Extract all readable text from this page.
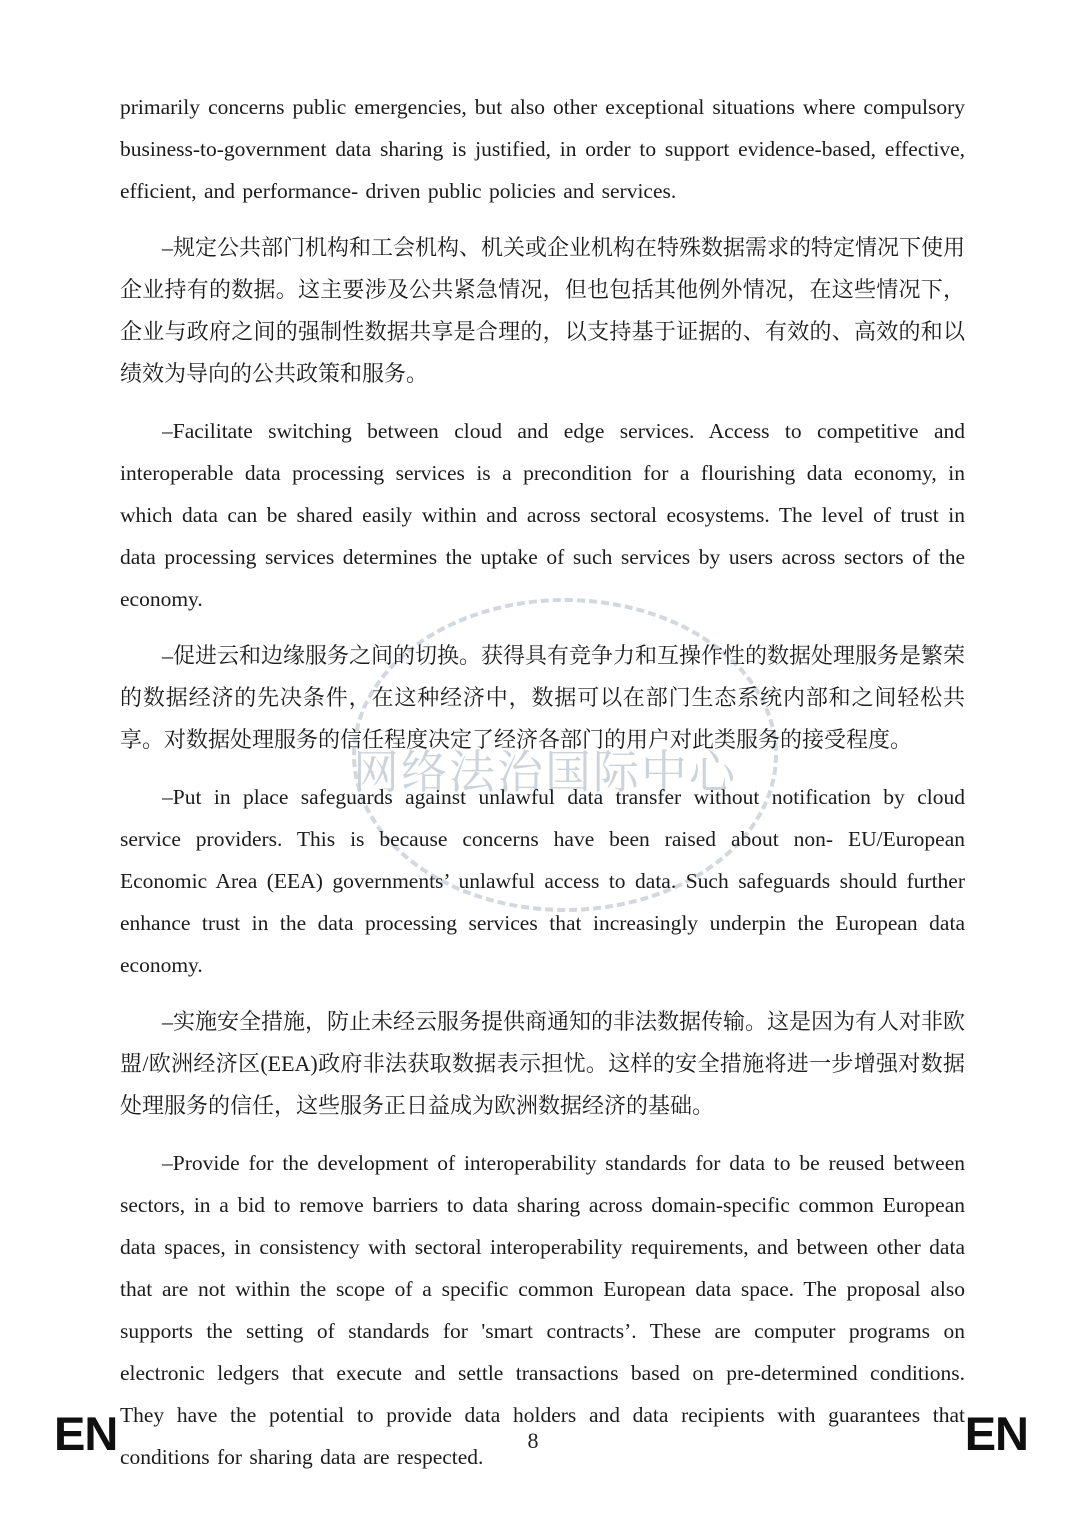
网络法治国际中心

primarily concerns public emergencies, but also other exceptional situations where compulsory business-to-government data sharing is justified, in order to support evidence-based, effective, efficient, and performance- driven public policies and services.

–规定公共部门机构和工会机构、机关或企业机构在特殊数据需求的特定情况下使用企业持有的数据。这主要涉及公共紧急情况，但也包括其他例外情况，在这些情况下，企业与政府之间的强制性数据共享是合理的，以支持基于证据的、有效的、高效的和以绩效为导向的公共政策和服务。

–Facilitate switching between cloud and edge services. Access to competitive and interoperable data processing services is a precondition for a flourishing data economy, in which data can be shared easily within and across sectoral ecosystems. The level of trust in data processing services determines the uptake of such services by users across sectors of the economy.

–促进云和边缘服务之间的切换。获得具有竞争力和互操作性的数据处理服务是繁荣的数据经济的先决条件，在这种经济中，数据可以在部门生态系统内部和之间轻松共享。对数据处理服务的信任程度决定了经济各部门的用户对此类服务的接受程度。

–Put in place safeguards against unlawful data transfer without notification by cloud service providers. This is because concerns have been raised about non- EU/European Economic Area (EEA) governments’ unlawful access to data. Such safeguards should further enhance trust in the data processing services that increasingly underpin the European data economy.

–实施安全措施，防止未经云服务提供商通知的非法数据传输。这是因为有人对非欧盟/欧洲经济区(EEA)政府非法获取数据表示担忧。这样的安全措施将进一步增强对数据处理服务的信任，这些服务正日益成为欧洲数据经济的基础。

–Provide for the development of interoperability standards for data to be reused between sectors, in a bid to remove barriers to data sharing across domain-specific common European data spaces, in consistency with sectoral interoperability requirements, and between other data that are not within the scope of a specific common European data space. The proposal also supports the setting of standards for 'smart contracts’. These are computer programs on electronic ledgers that execute and settle transactions based on pre-determined conditions. They have the potential to provide data holders and data recipients with guarantees that conditions for sharing data are respected.

EN	8	EN
